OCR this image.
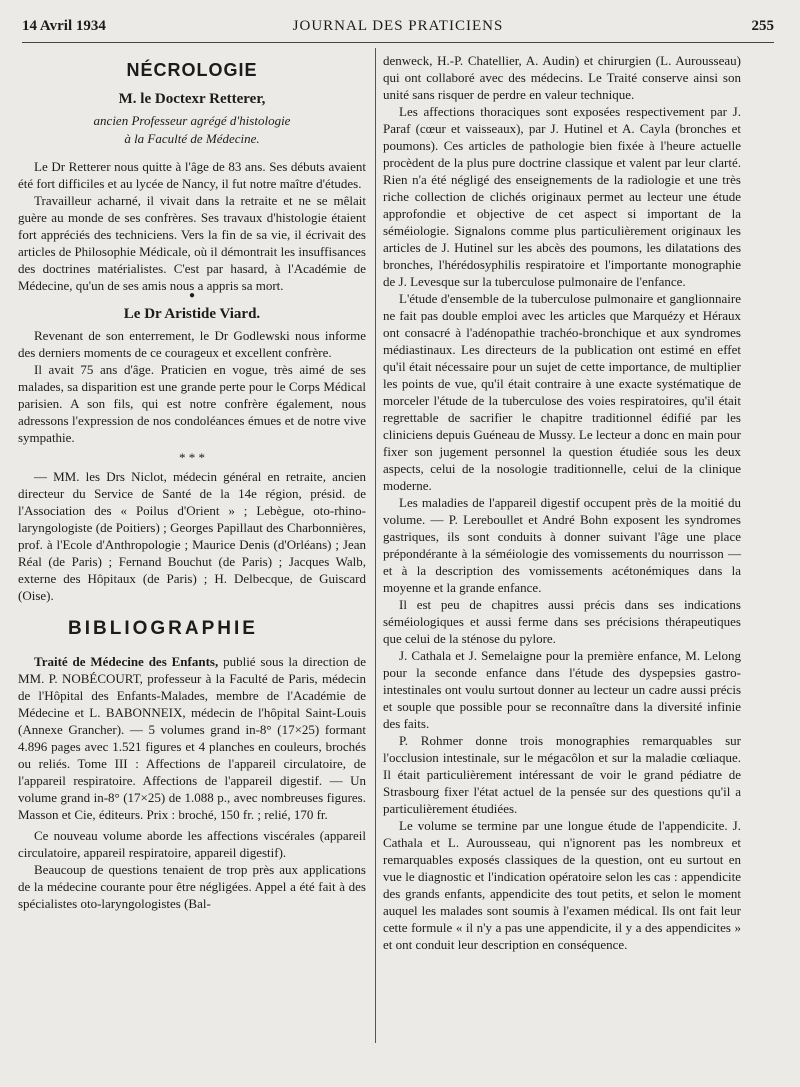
14 Avril 1934	JOURNAL DES PRATICIENS	255
NÉCROLOGIE
M. le Doctexr Retterer,
ancien Professeur agrégé d'histologie
à la Faculté de Médecine.

Le Dr Retterer nous quitte à l'âge de 83 ans. Ses débuts avaient été fort difficiles et au lycée de Nancy, il fut notre maître d'études.

Travailleur acharné, il vivait dans la retraite et ne se mêlait guère au monde de ses confrères. Ses travaux d'histologie étaient fort appréciés des techniciens. Vers la fin de sa vie, il écrivait des articles de Philosophie Médicale, où il démontrait les insuffisances des doctrines matérialistes. C'est par hasard, à l'Académie de Médecine, qu'un de ses amis nous a appris sa mort.

●
Le Dr Aristide Viard.

Revenant de son enterrement, le Dr Godlewski nous informe des derniers moments de ce courageux et excellent confrère.

Il avait 75 ans d'âge. Praticien en vogue, très aimé de ses malades, sa disparition est une grande perte pour le Corps Médical parisien. A son fils, qui est notre confrère également, nous adressons l'expression de nos condoléances émues et de notre vive sympathie.

* * *

— MM. les Drs Niclot, médecin général en retraite, ancien directeur du Service de Santé de la 14e région, présid. de l'Association des « Poilus d'Orient » ; Lebègue, oto-rhino-laryngologiste (de Poitiers) ; Georges Papillaut des Charbonnières, prof. à l'Ecole d'Anthropologie ; Maurice Denis (d'Orléans) ; Jean Réal (de Paris) ; Fernand Bouchut (de Paris) ; Jacques Walb, externe des Hôpitaux (de Paris) ; H. Delbecque, de Guiscard (Oise).

BIBLIOGRAPHIE

Traité de Médecine des Enfants, publié sous la direction de MM. P. NOBÉCOURT, professeur à la Faculté de Paris, médecin de l'Hôpital des Enfants-Malades, membre de l'Académie de Médecine et L. BABONNEIX, médecin de l'hôpital Saint-Louis (Annexe Grancher). — 5 volumes grand in-8° (17×25) formant 4.896 pages avec 1.521 figures et 4 planches en couleurs, brochés ou reliés. Tome III : Affections de l'appareil circulatoire, de l'appareil respiratoire. Affections de l'appareil digestif. — Un volume grand in-8° (17×25) de 1.088 p., avec nombreuses figures. Masson et Cie, éditeurs. Prix : broché, 150 fr. ; relié, 170 fr.

Ce nouveau volume aborde les affections viscérales (appareil circulatoire, appareil respiratoire, appareil digestif).

Beaucoup de questions tenaient de trop près aux applications de la médecine courante pour être négligées. Appel a été fait à des spécialistes oto-laryngologistes (Bal-

denweck, H.-P. Chatellier, A. Audin) et chirurgien (L. Aurousseau) qui ont collaboré avec des médecins. Le Traité conserve ainsi son unité sans risquer de perdre en valeur technique.

Les affections thoraciques sont exposées respectivement par J. Paraf (cœur et vaisseaux), par J. Hutinel et A. Cayla (bronches et poumons). Ces articles de pathologie bien fixée à l'heure actuelle procèdent de la plus pure doctrine classique et valent par leur clarté. Rien n'a été négligé des enseignements de la radiologie et une très riche collection de clichés originaux permet au lecteur une étude approfondie et objective de cet aspect si important de la séméiologie. Signalons comme plus particulièrement originaux les articles de J. Hutinel sur les abcès des poumons, les dilatations des bronches, l'hérédosyphilis respiratoire et l'importante monographie de J. Levesque sur la tuberculose pulmonaire de l'enfance.

L'étude d'ensemble de la tuberculose pulmonaire et ganglionnaire ne fait pas double emploi avec les articles que Marquézy et Héraux ont consacré à l'adénopathie trachéo-bronchique et aux syndromes médiastinaux. Les directeurs de la publication ont estimé en effet qu'il était nécessaire pour un sujet de cette importance, de multiplier les points de vue, qu'il était contraire à une exacte systématique de morceler l'étude de la tuberculose des voies respiratoires, qu'il était regrettable de sacrifier le chapitre traditionnel édifié par les cliniciens depuis Guéneau de Mussy. Le lecteur a donc en main pour fixer son jugement personnel la question étudiée sous les deux aspects, celui de la nosologie traditionnelle, celui de la clinique moderne.

Les maladies de l'appareil digestif occupent près de la moitié du volume. — P. Lereboullet et André Bohn exposent les syndromes gastriques, ils sont conduits à donner suivant l'âge une place prépondérante à la séméiologie des vomissements du nourrisson — et à la description des vomissements acétonémiques dans la moyenne et la grande enfance.

Il est peu de chapitres aussi précis dans ses indications séméiologiques et aussi ferme dans ses précisions thérapeutiques que celui de la sténose du pylore.

J. Cathala et J. Semelaigne pour la première enfance, M. Lelong pour la seconde enfance dans l'étude des dyspepsies gastro-intestinales ont voulu surtout donner au lecteur un cadre aussi précis et souple que possible pour se reconnaître dans la diversité infinie des faits.

P. Rohmer donne trois monographies remarquables sur l'occlusion intestinale, sur le mégacôlon et sur la maladie cœliaque. Il était particulièrement intéressant de voir le grand pédiatre de Strasbourg fixer l'état actuel de la pensée sur des questions qu'il a particulièrement étudiées.

Le volume se termine par une longue étude de l'appendicite. J. Cathala et L. Aurousseau, qui n'ignorent pas les nombreux et remarquables exposés classiques de la question, ont eu surtout en vue le diagnostic et l'indication opératoire selon les cas : appendicite des grands enfants, appendicite des tout petits, et selon le moment auquel les malades sont soumis à l'examen médical. Ils ont fait leur cette formule « il n'y a pas une appendicite, il y a des appendicites » et ont conduit leur description en conséquence.
